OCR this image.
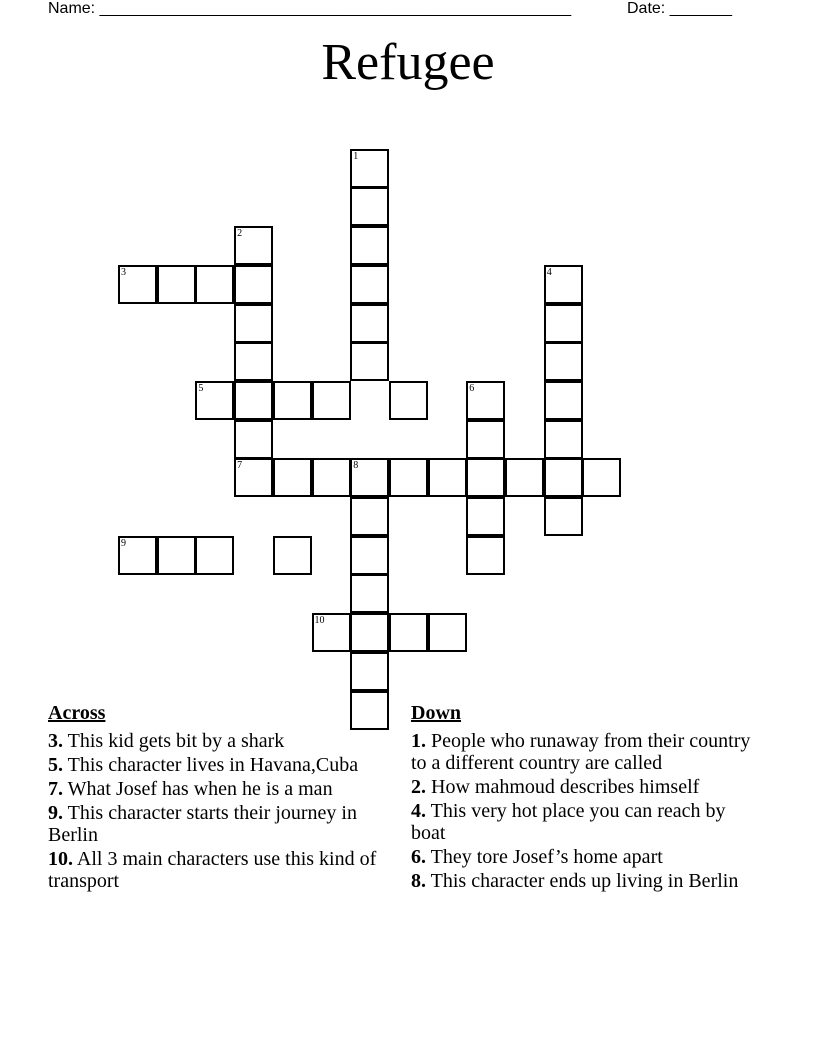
Name: _____________________________________________________	Date: _______
Refugee
1
2
7
3	4
5	6
8
9
10
Across
3. This kid gets bit by a shark
5. This character lives in Havana,Cuba
7. What Josef has when he is a man
9. This character starts their journey in Berlin
10. All 3 main characters use this kind of transport
Down
1. People who runaway from their country to a different country are called
2. How mahmoud describes himself
4. This very hot place you can reach by boat
6. They tore Josef’s home apart
8. This character ends up living in Berlin
